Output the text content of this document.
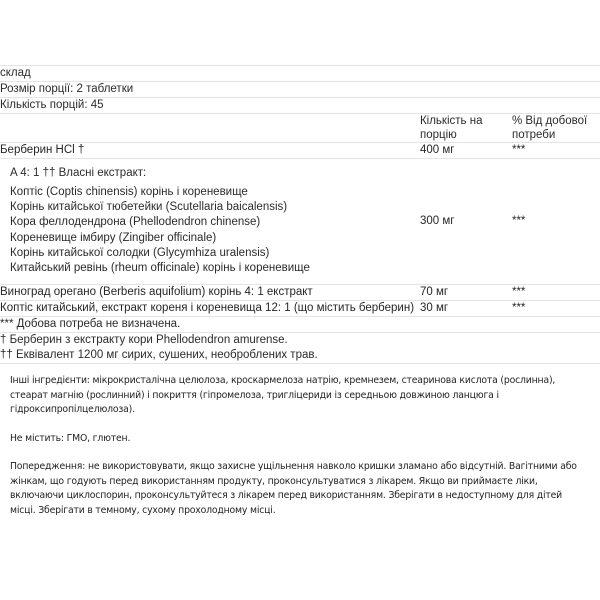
склад		
Розмір порції: 2 таблетки		
Кількість порцій: 45		
	Кількість на порцію	% Від добової потреби
Берберин HCl †	400 мг	***

A 4: 1 †† Власні екстракт:
Коптіс (Coptis chinensis) корінь і кореневище
Корінь китайської тюбетейки (Scutellaria baicalensis)
Кора феллодендрона (Phellodendron chinense)
Кореневище імбиру (Zingiber officinale)
Корінь китайської солодки (Glycymhiza uralensis)
Китайський ревінь (rheum officinale) корінь і кореневище
	300 мг	***
Виноград орегано (Berberis aquifolium) корінь 4: 1 екстракт	70 мг	***
Коптіс китайський, екстракт кореня і кореневища 12: 1 (що містить берберин)	30 мг	***
*** Добова потреба не визначена.		

† Берберин з екстракту кори Phellodendron amurense.
†† Еквівалент 1200 мг сирих, сушених, необроблених трав.		

Інші інгредієнти: мікрокристалічна целюлоза, кроскармелоза натрію, кремнезем, стеаринова кислота (рослинна), стеарат магнію (рослинний) і покриття (гіпромелоза, тригліцериди із середньою довжиною ланцюга і гідроксипропілцелюлоза).

Не містить: ГМО, глютен.

Попередження: не використовувати, якщо захисне ущільнення навколо кришки зламано або відсутній. Вагітними або жінкам, що годують перед використанням продукту, проконсультуватися з лікарем. Якщо ви приймаєте ліки, включаючи циклоспорин, проконсультуйтеся з лікарем перед використанням. Зберігати в недоступному для дітей місці. Зберігати в темному, сухому прохолодному місці.
